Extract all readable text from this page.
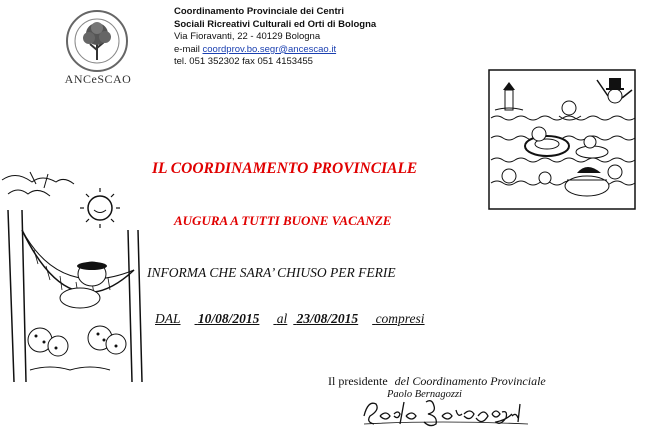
ANCeSCAO
Coordinamento Provinciale dei Centri
Sociali Ricreativi Culturali ed Orti di Bologna
Via Fioravanti, 22 - 40129 Bologna
e-mail coordprov.bo.segr@ancescao.it
tel. 051 352302 fax 051 4153455
IL COORDINAMENTO PROVINCIALE
AUGURA A TUTTI BUONE VACANZE
INFORMA CHE SARA’ CHIUSO PER FERIE
DAL 10/08/2015 al 23/08/2015 compresi
Il presidente del Coordinamento Provinciale
Paolo Bernagozzi
